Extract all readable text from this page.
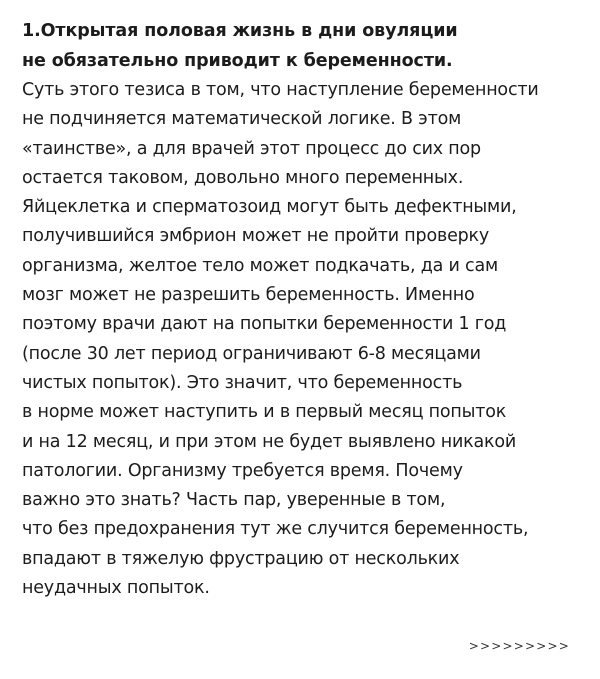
1.Открытая половая жизнь в дни овуляции
не обязательно приводит к беременности.
Суть этого тезиса в том, что наступление беременности
не подчиняется математической логике. В этом
«таинстве», а для врачей этот процесс до сих пор
остается таковом, довольно много переменных.
Яйцеклетка и сперматозоид могут быть дефектными,
получившийся эмбрион может не пройти проверку
организма, желтое тело может подкачать, да и сам
мозг может не разрешить беременность. Именно
поэтому врачи дают на попытки беременности 1 год
(после 30 лет период ограничивают 6-8 месяцами
чистых попыток). Это значит, что беременность
в норме может наступить и в первый месяц попыток
и на 12 месяц, и при этом не будет выявлено никакой
патологии. Организму требуется время. Почему
важно это знать? Часть пар, уверенные в том,
что без предохранения тут же случится беременность,
впадают в тяжелую фрустрацию от нескольких
неудачных попыток.
>>>>>>>>>
